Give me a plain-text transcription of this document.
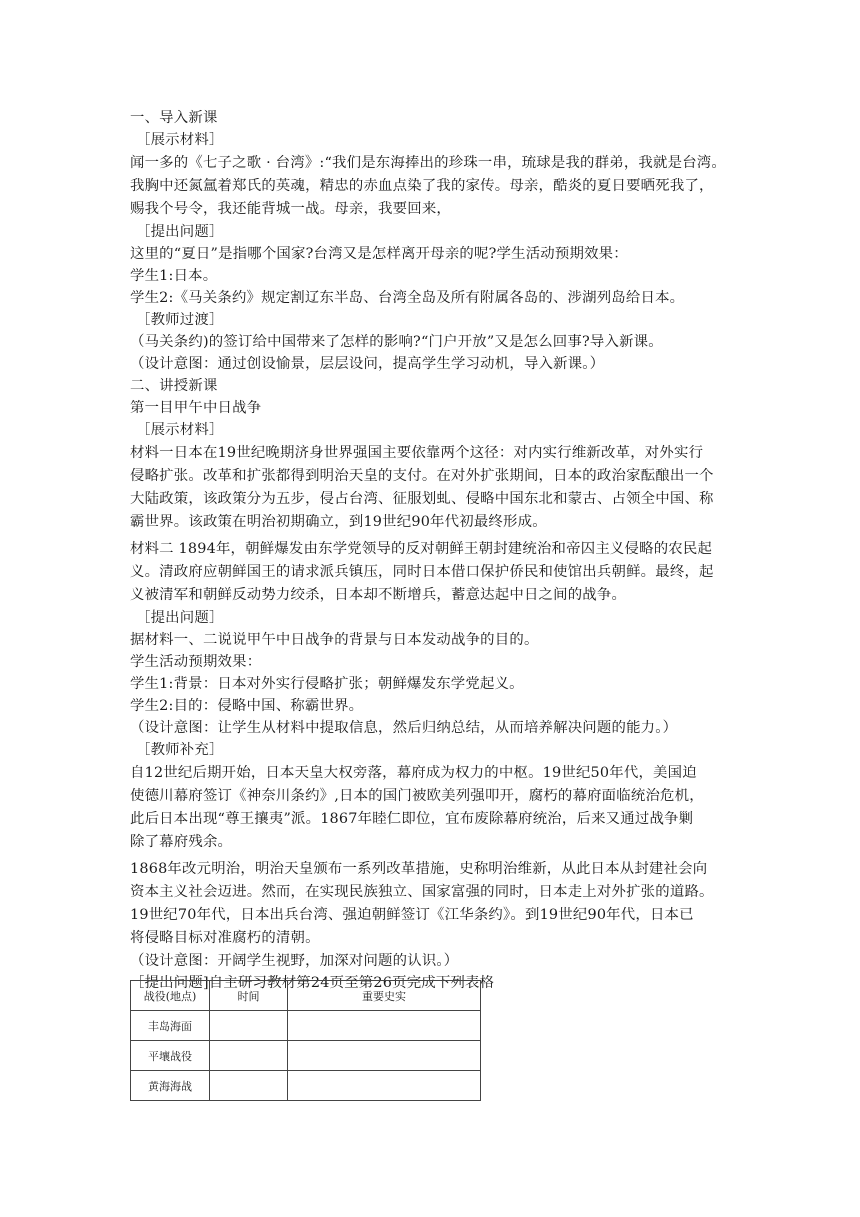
一、导入新课
［展示材料］
闻一多的《七子之歌 · 台湾》:“我们是东海捧出的珍珠一串，琉球是我的群弟，我就是台湾。
我胸中还氮氲着郑氏的英魂，精忠的赤血点染了我的家传。母亲，酷炎的夏日要晒死我了，
赐我个号令，我还能背城一战。母亲，我要回来，
［提出问题］
这里的“夏日”是指哪个国家?台湾又是怎样离开母亲的呢?学生活动预期效果：
学生1:日本。
学生2:《马关条约》规定割辽东半岛、台湾全岛及所有附属各岛的、涉湖列岛给日本。
［教师过渡］
（马关条约)的签订给中国带来了怎样的影响?“门户开放”又是怎么回事?导入新课。
（设计意图：通过创设愉景，层层设问，提高学生学习动机，导入新课。）
二、讲授新课
第一目甲午中日战争
［展示材料］
材料一日本在19世纪晚期济身世界强国主要依靠两个这径：对内实行维新改革，对外实行
侵略扩张。改革和扩张都得到明治天皇的支付。在对外扩张期间，日本的政治家酝酿出一个
大陆政策，该政策分为五步，侵占台湾、征服划虬、侵略中国东北和蒙古、占领全中国、称
霸世界。该政策在明治初期确立，到19世纪90年代初最终形成。
材料二 1894年，朝鲜爆发由东学党领导的反对朝鲜王朝封建统治和帝囚主义侵略的农民起
义。清政府应朝鲜国王的请求派兵镇压，同时日本借口保护侨民和使馆出兵朝鲜。最终，起
义被清军和朝鲜反动势力绞杀，日本却不断增兵，蓄意达起中日之间的战争。
［提出问题］
据材料一、二说说甲午中日战争的背景与日本发动战争的目的。
学生活动预期效果：
学生1:背景：日本对外实行侵略扩张；朝鲜爆发东学党起义。
学生2:目的：侵略中国、称霸世界。
（设计意图：让学生从材料中提取信息，然后归纳总结，从而培养解决问题的能力。）
［教师补充］
自12世纪后期开始，日本天皇大权旁落，幕府成为权力的中枢。19世纪50年代，美国迫
使德川幕府签订《神奈川条约》,日本的国门被欧美列强叩开，腐朽的幕府面临统治危机，
此后日本出现“尊王攘夷”派。1867年睦仁即位，宜布废除幕府统治，后来又通过战争剿
除了幕府残余。
1868年改元明治，明治天皇颁布一系列改革措施，史称明治维新，从此日本从封建社会向
资本主义社会迈进。然而，在实现民族独立、国家富强的同时，日本走上对外扩张的道路。
19世纪70年代，日本出兵台湾、强迫朝鲜签订《江华条约》。到19世纪90年代，日本已
将侵略目标对准腐朽的清朝。
（设计意图：开阔学生视野，加深对问题的认识。）
［提出问题]自主研习教材第24页至第26页完成下列表格
战役(地点)	时间	重要史实
丰岛海面		
平壤战役		
黄海海战		
